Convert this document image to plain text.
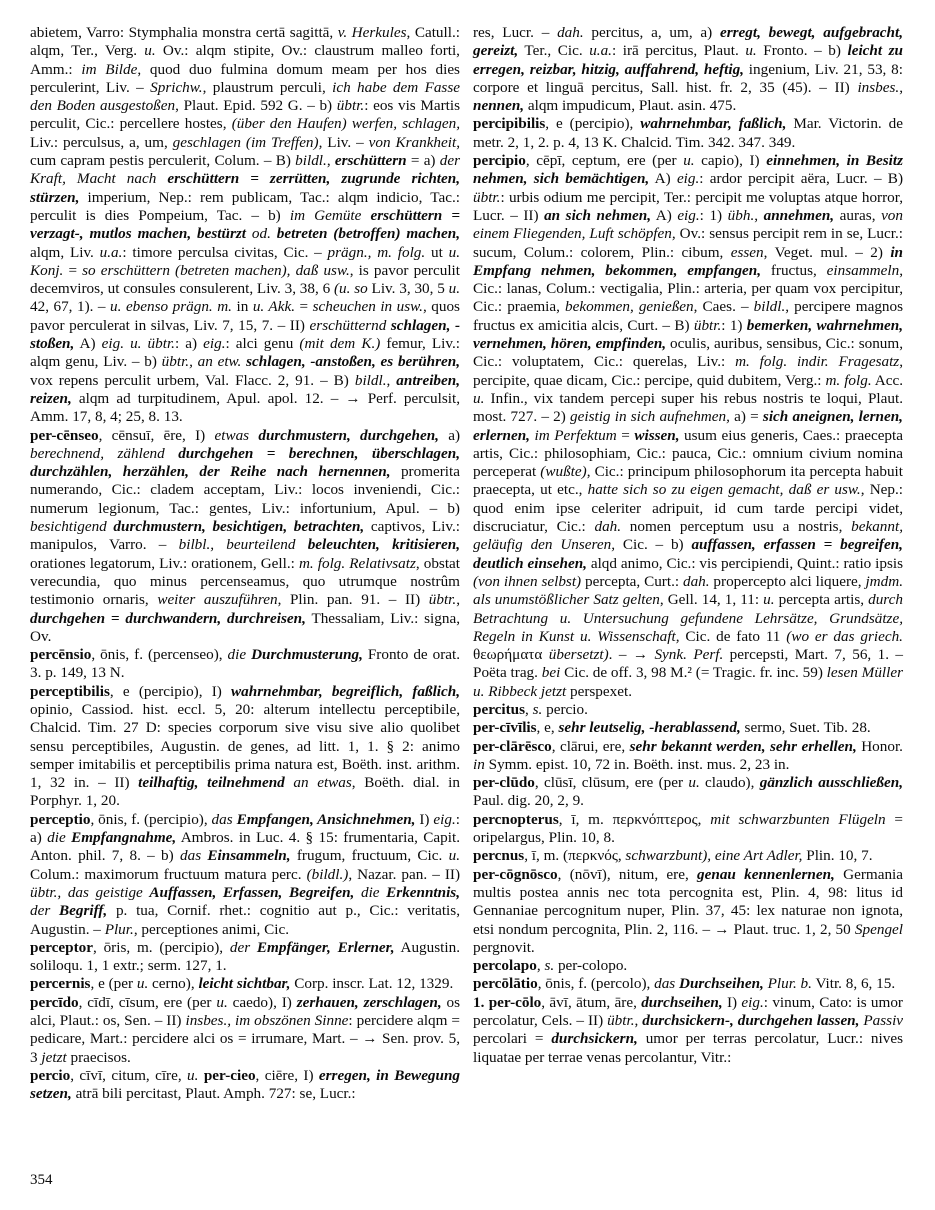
abietem, Varro: Stymphalia monstra certā sagittā, v. Herkules, Catull.: alqm, Ter., Verg. u. Ov.: alqm stipite, Ov.: claustrum malleo forti, Amm.: im Bilde, quod duo fulmina domum meam per hos dies perculerint, Liv. – Sprichw., plaustrum perculi, ich habe dem Fasse den Boden ausgestoßen, Plaut. Epid. 592 G. – b) übtr.: eos vis Martis perculit, Cic.: percellere hostes, (über den Haufen) werfen, schlagen, Liv.: perculsus, a, um, geschlagen (im Treffen), Liv. – von Krankheit, cum capram pestis perculerit, Colum. – B) bildl., erschüttern = a) der Kraft, Macht nach erschüttern = zerrütten, zugrunde richten, stürzen, imperium, Nep.: rem publicam, Tac.: alqm indicio, Tac.: perculit is dies Pompeium, Tac. – b) im Gemüte erschüttern = verzagt-, mutlos machen, bestürzt od. betreten (betroffen) machen, alqm, Liv. u.a.: timore perculsa civitas, Cic. – prägn., m. folg. ut u. Konj. = so erschüttern (betreten machen), daß usw., is pavor perculit decemviros, ut consules consulerent, Liv. 3, 38, 6 (u. so Liv. 3, 30, 5 u. 42, 67, 1). – u. ebenso prägn. m. in u. Akk. = scheuchen in usw., quos pavor perculerat in silvas, Liv. 7, 15, 7. – II) erschütternd schlagen, -stoßen, A) eig. u. übtr.: a) eig.: alci genu (mit dem K.) femur, Liv.: alqm genu, Liv. – b) übtr., an etw. schlagen, -anstoßen, es berühren, vox repens perculit urbem, Val. Flacc. 2, 91. – B) bildl., antreiben, reizen, alqm ad turpitudinem, Apul. apol. 12. – → Perf. perculsit, Amm. 17, 8, 4; 25, 8. 13.

per-cēnseo, cēnsuī, ēre, I) etwas durchmustern, durchgehen, a) berechnend, zählend durchgehen = berechnen, überschlagen, durchzählen, herzählen, der Reihe nach hernennen, promerita numerando, Cic.: cladem acceptam, Liv.: locos inveniendi, Cic.: numerum legionum, Tac.: gentes, Liv.: infortunium, Apul. – b) besichtigend durchmustern, besichtigen, betrachten, captivos, Liv.: manipulos, Varro. – bilbl., beurteilend beleuchten, kritisieren, orationes legatorum, Liv.: orationem, Gell.: m. folg. Relativsatz, obstat verecundia, quo minus percenseamus, quo utrumque nostrûm testimonio ornaris, weiter auszuführen, Plin. pan. 91. – II) übtr., durchgehen = durchwandern, durchreisen, Thessaliam, Liv.: signa, Ov.

percēnsio, ōnis, f. (percenseo), die Durchmusterung, Fronto de orat. 3. p. 149, 13 N.

perceptibilis, e (percipio), I) wahrnehmbar, begreiflich, faßlich, opinio, Cassiod. hist. eccl. 5, 20: alterum intellectu perceptibile, Chalcid. Tim. 27 D: species corporum sive visu sive alio quolibet sensu perceptibiles, Augustin. de genes, ad litt. 1, 1. § 2: animo semper imitabilis et perceptibilis prima natura est, Boëth. inst. arithm. 1, 32 in. – II) teilhaftig, teilnehmend an etwas, Boëth. dial. in Porphyr. 1, 20.

perceptio, ōnis, f. (percipio), das Empfangen, Ansichnehmen, I) eig.: a) die Empfangnahme, Ambros. in Luc. 4. § 15: frumentaria, Capit. Anton. phil. 7, 8. – b) das Einsammeln, frugum, fructuum, Cic. u. Colum.: maximorum fructuum matura perc. (bildl.), Nazar. pan. – II) übtr., das geistige Auffassen, Erfassen, Begreifen, die Erkenntnis, der Begriff, p. tua, Cornif. rhet.: cognitio aut p., Cic.: veritatis, Augustin. – Plur., perceptiones animi, Cic.

perceptor, ōris, m. (percipio), der Empfänger, Erlerner, Augustin. soliloqu. 1, 1 extr.; serm. 127, 1.

percernis, e (per u. cerno), leicht sichtbar, Corp. inscr. Lat. 12, 1329.

percīdo, cīdī, cīsum, ere (per u. caedo), I) zerhauen, zerschlagen, os alci, Plaut.: os, Sen. – II) insbes., im obszönen Sinne: percidere alqm = pedicare, Mart.: percidere alci os = irrumare, Mart. – → Sen. prov. 5, 3 jetzt praecisos.

percio, cīvī, citum, cīre, u. per-cieo, ciēre, I) erregen, in Bewegung setzen, atrā bili percitast, Plaut. Amph. 727: se, Lucr.:

res, Lucr. – dah. percitus, a, um, a) erregt, bewegt, aufgebracht, gereizt, Ter., Cic. u.a.: irā percitus, Plaut. u. Fronto. – b) leicht zu erregen, reizbar, hitzig, auffahrend, heftig, ingenium, Liv. 21, 53, 8: corpore et linguā percitus, Sall. hist. fr. 2, 35 (45). – II) insbes., nennen, alqm impudicum, Plaut. asin. 475.

percipibilis, e (percipio), wahrnehmbar, faßlich, Mar. Victorin. de metr. 2, 1, 2. p. 4, 13 K. Chalcid. Tim. 342. 347. 349.

percipio, cēpī, ceptum, ere (per u. capio), I) einnehmen, in Besitz nehmen, sich bemächtigen, A) eig.: ardor percipit aëra, Lucr. – B) übtr.: urbis odium me percipit, Ter.: percipit me voluptas atque horror, Lucr. – II) an sich nehmen, A) eig.: 1) übh., annehmen, auras, von einem Fliegenden, Luft schöpfen, Ov.: sensus percipit rem in se, Lucr.: sucum, Colum.: colorem, Plin.: cibum, essen, Veget. mul. – 2) in Empfang nehmen, bekommen, empfangen, fructus, einsammeln, Cic.: lanas, Colum.: vectigalia, Plin.: arteria, per quam vox percipitur, Cic.: praemia, bekommen, genießen, Caes. – bildl., percipere magnos fructus ex amicitia alcis, Curt. – B) übtr.: 1) bemerken, wahrnehmen, vernehmen, hören, empfinden, oculis, auribus, sensibus, Cic.: sonum, Cic.: voluptatem, Cic.: querelas, Liv.: m. folg. indir. Fragesatz, percipite, quae dicam, Cic.: percipe, quid dubitem, Verg.: m. folg. Acc. u. Infin., vix tandem percepi super his rebus nostris te loqui, Plaut. most. 727. – 2) geistig in sich aufnehmen, a) = sich aneignen, lernen, erlernen, im Perfektum = wissen, usum eius generis, Caes.: praecepta artis, Cic.: philosophiam, Cic.: pauca, Cic.: omnium civium nomina perceperat (wußte), Cic.: principum philosophorum ita percepta habuit praecepta, ut etc., hatte sich so zu eigen gemacht, daß er usw., Nep.: quod enim ipse celeriter adripuit, id cum tarde percipi videt, discruciatur, Cic.: dah. nomen perceptum usu a nostris, bekannt, geläufig den Unseren, Cic. – b) auffassen, erfassen = begreifen, deutlich einsehen, alqd animo, Cic.: vis percipiendi, Quint.: ratio ipsis (von ihnen selbst) percepta, Curt.: dah. propercepto alci liquere, jmdm. als unumstößlicher Satz gelten, Gell. 14, 1, 11: u. percepta artis, durch Betrachtung u. Untersuchung gefundene Lehrsätze, Grundsätze, Regeln in Kunst u. Wissenschaft, Cic. de fato 11 (wo er das griech. θεωρήματα übersetzt). – → Synk. Perf. percepsti, Mart. 7, 56, 1. – Poëta trag. bei Cic. de off. 3, 98 M.² (= Tragic. fr. inc. 59) lesen Müller u. Ribbeck jetzt perspexet.

percitus, s. percio.

per-cīvīlis, e, sehr leutselig, -herablassend, sermo, Suet. Tib. 28.

per-clārēsco, clārui, ere, sehr bekannt werden, sehr erhellen, Honor. in Symm. epist. 10, 72 in. Boëth. inst. mus. 2, 23 in.

per-clūdo, clūsī, clūsum, ere (per u. claudo), gänzlich ausschließen, Paul. dig. 20, 2, 9.

percnopterus, ī, m. περκνόπτερος, mit schwarzbunten Flügeln = oripelargus, Plin. 10, 8.

percnus, ī, m. (περκνός, schwarzbunt), eine Art Adler, Plin. 10, 7.

per-cōgnōsco, (nōvī), nitum, ere, genau kennenlernen, Germania multis postea annis nec tota percognita est, Plin. 4, 98: litus id Gennaniae percognitum nuper, Plin. 37, 45: lex naturae non ignota, etsi nondum percognita, Plin. 2, 116. – → Plaut. truc. 1, 2, 50 Spengel pergnovit.

percolapo, s. per-colopo.

percōlātio, ōnis, f. (percolo), das Durchseihen, Plur. b. Vitr. 8, 6, 15.

1. per-cōlo, āvī, ātum, āre, durchseihen, I) eig.: vinum, Cato: is umor percolatur, Cels. – II) übtr., durchsickern-, durchgehen lassen, Passiv percolari = durchsickern, umor per terras percolatur, Lucr.: nives liquatae per terrae venas percolantur, Vitr.:

354
